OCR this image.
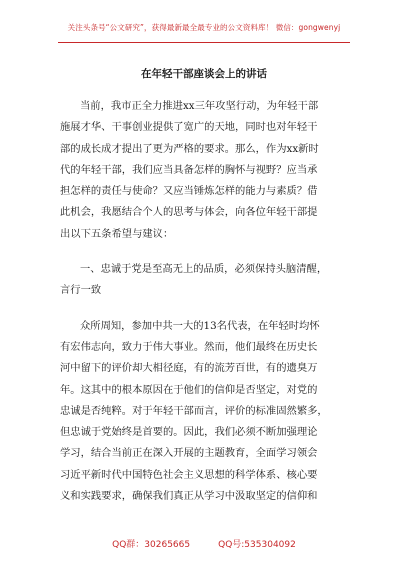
关注头条号“公文研究”，获得最新最全最专业的公文资料库！ 微信：gongwenyj
在年轻干部座谈会上的讲话
当前，我市正全力推进xx三年攻坚行动，为年轻干部
施展才华、干事创业提供了宽广的天地，同时也对年轻干
部的成长成才提出了更为严格的要求。那么，作为xx新时
代的年轻干部，我们应当具备怎样的胸怀与视野？应当承
担怎样的责任与使命？又应当锤炼怎样的能力与素质？借
此机会，我愿结合个人的思考与体会，向各位年轻干部提
出以下五条希望与建议：
一、忠诚于党是至高无上的品质，必须保持头脑清醒，
言行一致
众所周知，参加中共一大的13名代表，在年轻时均怀
有宏伟志向，致力于伟大事业。然而，他们最终在历史长
河中留下的评价却大相径庭，有的流芳百世，有的遗臭万
年。这其中的根本原因在于他们的信仰是否坚定，对党的
忠诚是否纯粹。对于年轻干部而言，评价的标准固然繁多，
但忠诚于党始终是首要的。因此，我们必须不断加强理论
学习，结合当前正在深入开展的主题教育，全面学习领会
习近平新时代中国特色社会主义思想的科学体系、核心要
义和实践要求，确保我们真正从学习中汲取坚定的信仰和
QQ群：30265665	QQ号:535304092
